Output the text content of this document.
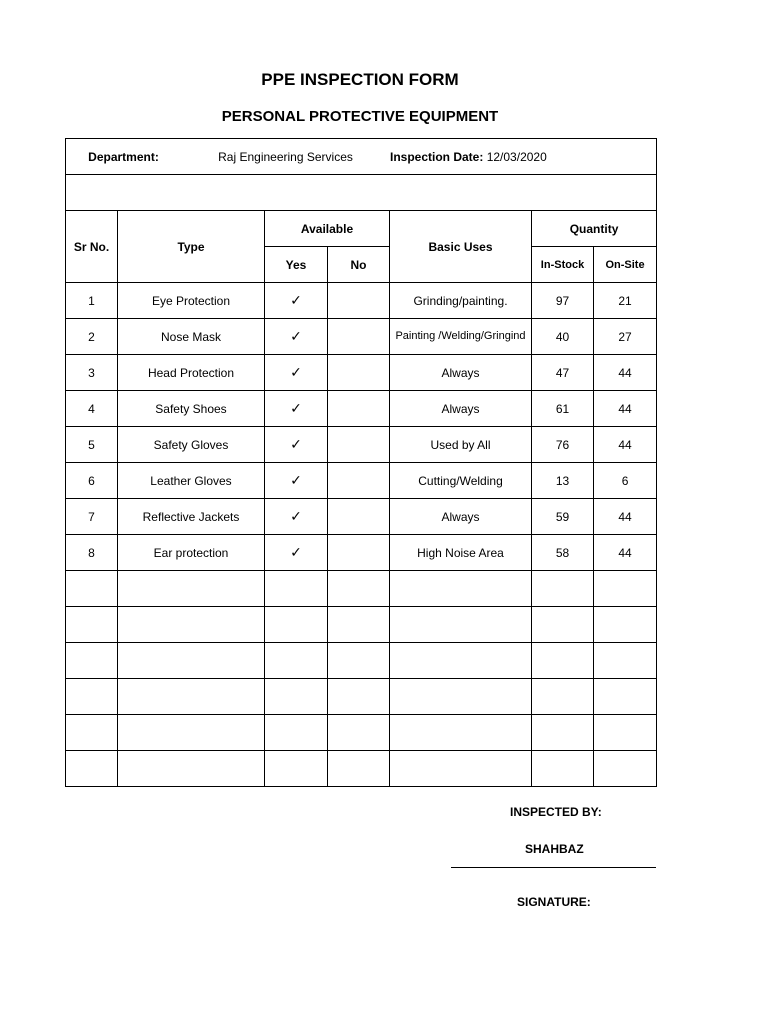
PPE INSPECTION FORM
PERSONAL PROTECTIVE EQUIPMENT
Department: Raj Engineering Services Inspection Date: 12/03/2020						

Sr No.	Type	Available		Basic Uses	Quantity	
		Yes	No		In-Stock	On-Site
1	Eye Protection	✓		Grinding/painting.	97	21
2	Nose Mask	✓		Painting /Welding/Gringind	40	27
3	Head Protection	✓		Always	47	44
4	Safety Shoes	✓		Always	61	44
5	Safety Gloves	✓		Used by All	76	44
6	Leather Gloves	✓		Cutting/Welding	13	6
7	Reflective Jackets	✓		Always	59	44
8	Ear protection	✓		High Noise Area	58	44

INSPECTED BY:
SHAHBAZ
SIGNATURE:
